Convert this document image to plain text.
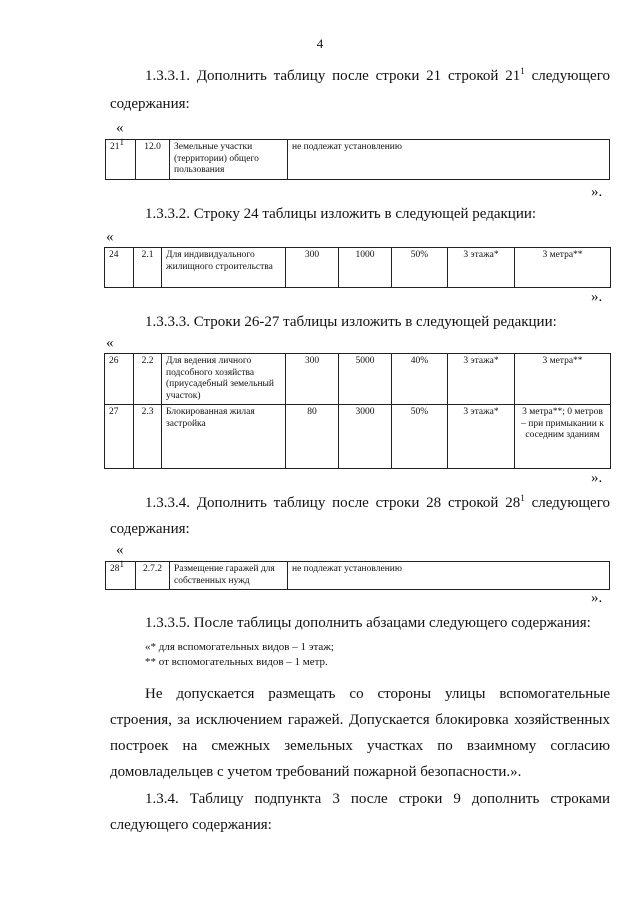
4
1.3.3.1. Дополнить таблицу после строки 21 строкой $21^1$ следующего
содержания:
«
$21^1$	12.0	Земельные участки (территории) общего пользования	не подлежат установлению
».
1.3.3.2. Строку 24 таблицы изложить в следующей редакции:
«
24	2.1	Для индивидуального жилищного строительства	300	1000	50%	3 этажа*	3 метра**
».
1.3.3.3. Строки 26-27 таблицы изложить в следующей редакции:
«
26	2.2	Для ведения личного подсобного хозяйства (приусадебный земельный участок)	300	5000	40%	3 этажа*	3 метра**
27	2.3	Блокированная жилая застройка	80	3000	50%	3 этажа*	3 метра**; 0 метров – при примыкании к соседним зданиям
».
1.3.3.4. Дополнить таблицу после строки 28 строкой $28^1$ следующего
содержания:
«
$28^1$	2.7.2	Размещение гаражей для собственных нужд	не подлежат установлению
».
1.3.3.5. После таблицы дополнить абзацами следующего содержания:
«* для вспомогательных видов – 1 этаж;
** от вспомогательных видов – 1 метр.
Не допускается размещать со стороны улицы вспомогательные
строения, за исключением гаражей. Допускается блокировка хозяйственных
построек на смежных земельных участках по взаимному согласию
домовладельцев с учетом требований пожарной безопасности.».
1.3.4. Таблицу подпункта 3 после строки 9 дополнить строками
следующего содержания:
